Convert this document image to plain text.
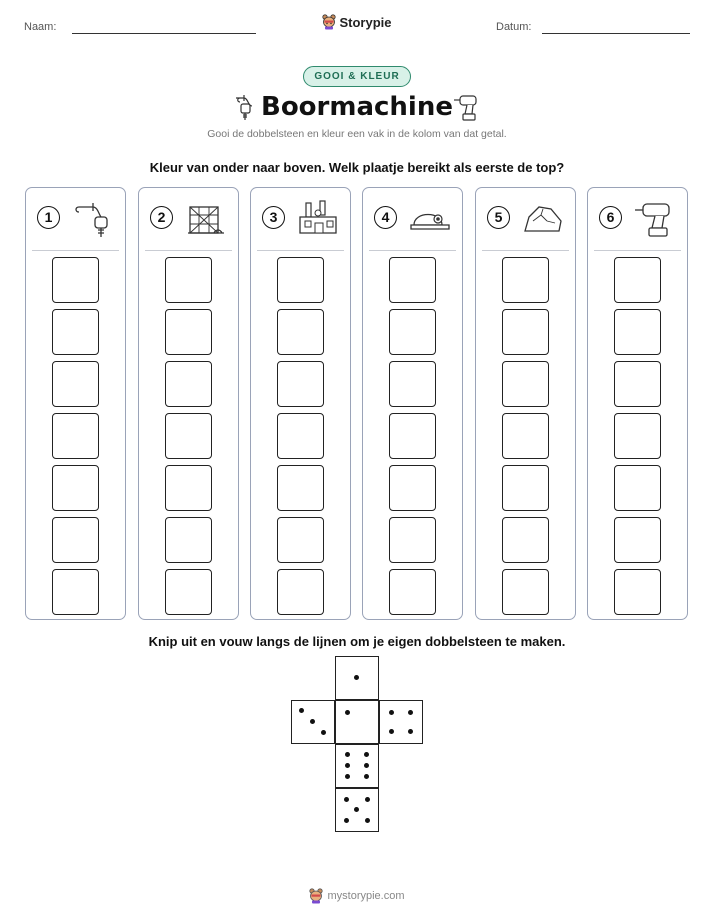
Naam:	Storypie	Datum:
GOOI & KLEUR
Boormachine
Gooi de dobbelsteen en kleur een vak in de kolom van dat getal.
Kleur van onder naar boven. Welk plaatje bereikt als eerste de top?
1	2	3	4	5	6
Knip uit en vouw langs de lijnen om je eigen dobbelsteen te maken.
mystorypie.com
